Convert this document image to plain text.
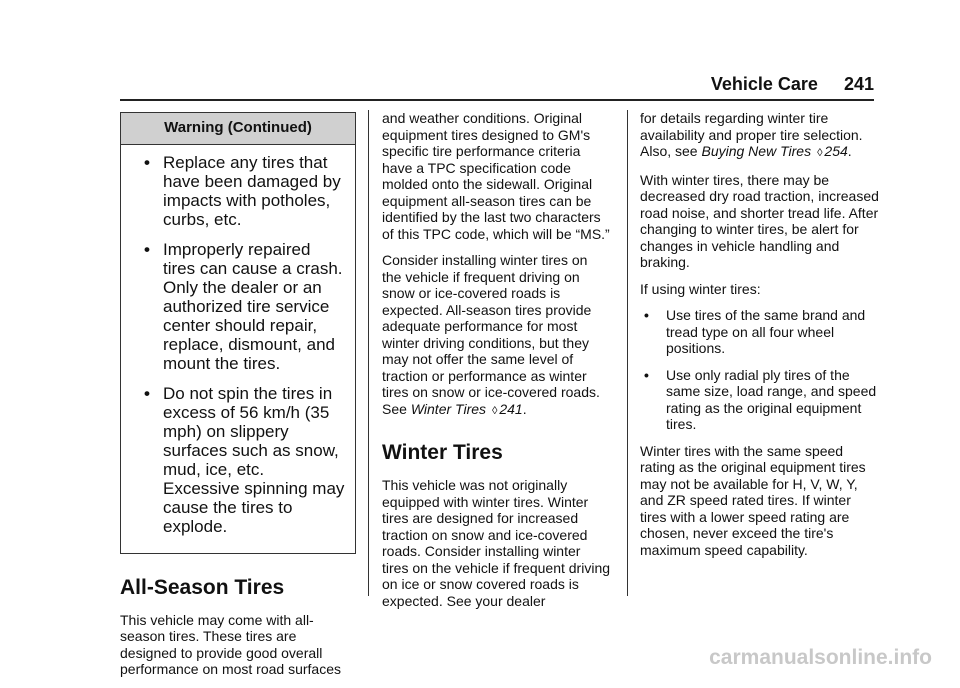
Vehicle Care 241
Warning (Continued)
• Replace any tires that have been damaged by impacts with potholes, curbs, etc.
• Improperly repaired tires can cause a crash. Only the dealer or an authorized tire service center should repair, replace, dismount, and mount the tires.
• Do not spin the tires in excess of 56 km/h (35 mph) on slippery surfaces such as snow, mud, ice, etc. Excessive spinning may cause the tires to explode.
All-Season Tires

This vehicle may come with all-season tires. These tires are designed to provide good overall performance on most road surfaces

and weather conditions. Original equipment tires designed to GM's specific tire performance criteria have a TPC specification code molded onto the sidewall. Original equipment all-season tires can be identified by the last two characters of this TPC code, which will be “MS.”

Consider installing winter tires on the vehicle if frequent driving on snow or ice-covered roads is expected. All-season tires provide adequate performance for most winter driving conditions, but they may not offer the same level of traction or performance as winter tires on snow or ice-covered roads. See Winter Tires ◊ 241.

Winter Tires

This vehicle was not originally equipped with winter tires. Winter tires are designed for increased traction on snow and ice-covered roads. Consider installing winter tires on the vehicle if frequent driving on ice or snow covered roads is expected. See your dealer

for details regarding winter tire availability and proper tire selection. Also, see Buying New Tires ◊ 254.

With winter tires, there may be decreased dry road traction, increased road noise, and shorter tread life. After changing to winter tires, be alert for changes in vehicle handling and braking.

If using winter tires:

•	Use tires of the same brand and tread type on all four wheel positions.
•	Use only radial ply tires of the same size, load range, and speed rating as the original equipment tires.

Winter tires with the same speed rating as the original equipment tires may not be available for H, V, W, Y, and ZR speed rated tires. If winter tires with a lower speed rating are chosen, never exceed the tire's maximum speed capability.

carmanualsonline.info
